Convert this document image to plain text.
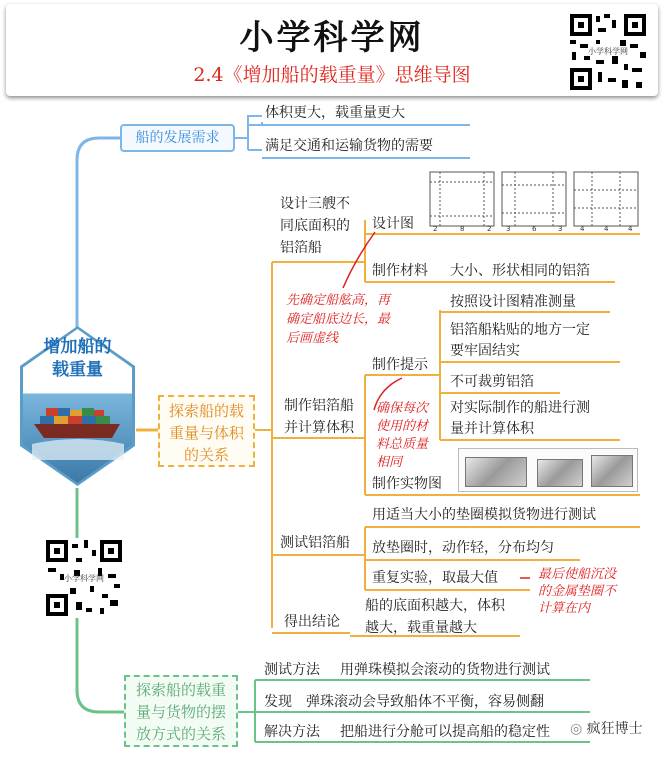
小学科学网
2.4《增加船的载重量》思维导图
小学科学网
船的发展需求
体积更大，载重量更大
满足交通和运输货物的需要
增加船的
载重量
小学科学网
探索船的载
重量与体积
的关系
设计三艘不
同底面积的
铝箔船
设计图	2	8	2 3	6	3	4	4	4
制作材料 大小、形状相同的铝箔
先确定船舷高，再
确定船底边长，最
后画虚线
制作铝箔船
并计算体积
制作提示
按照设计图精准测量
铝箔船粘贴的地方一定
要牢固结实
不可裁剪铝箔
对实际制作的船进行测
量并计算体积
确保每次
使用的材
料总质量
相同
制作实物图
测试铝箔船
用适当大小的垫圈模拟货物进行测试
放垫圈时，动作轻，分布均匀
重复实验，取最大值	最后使船沉没
的金属垫圈不
计算在内
得出结论
船的底面积越大，体积
越大，载重量越大
探索船的载重
量与货物的摆
放方式的关系
测试方法 用弹珠模拟会滚动的货物进行测试
发现 弹珠滚动会导致船体不平衡，容易侧翻
解决方法 把船进行分舱可以提高船的稳定性 ◎ 疯狂博士
